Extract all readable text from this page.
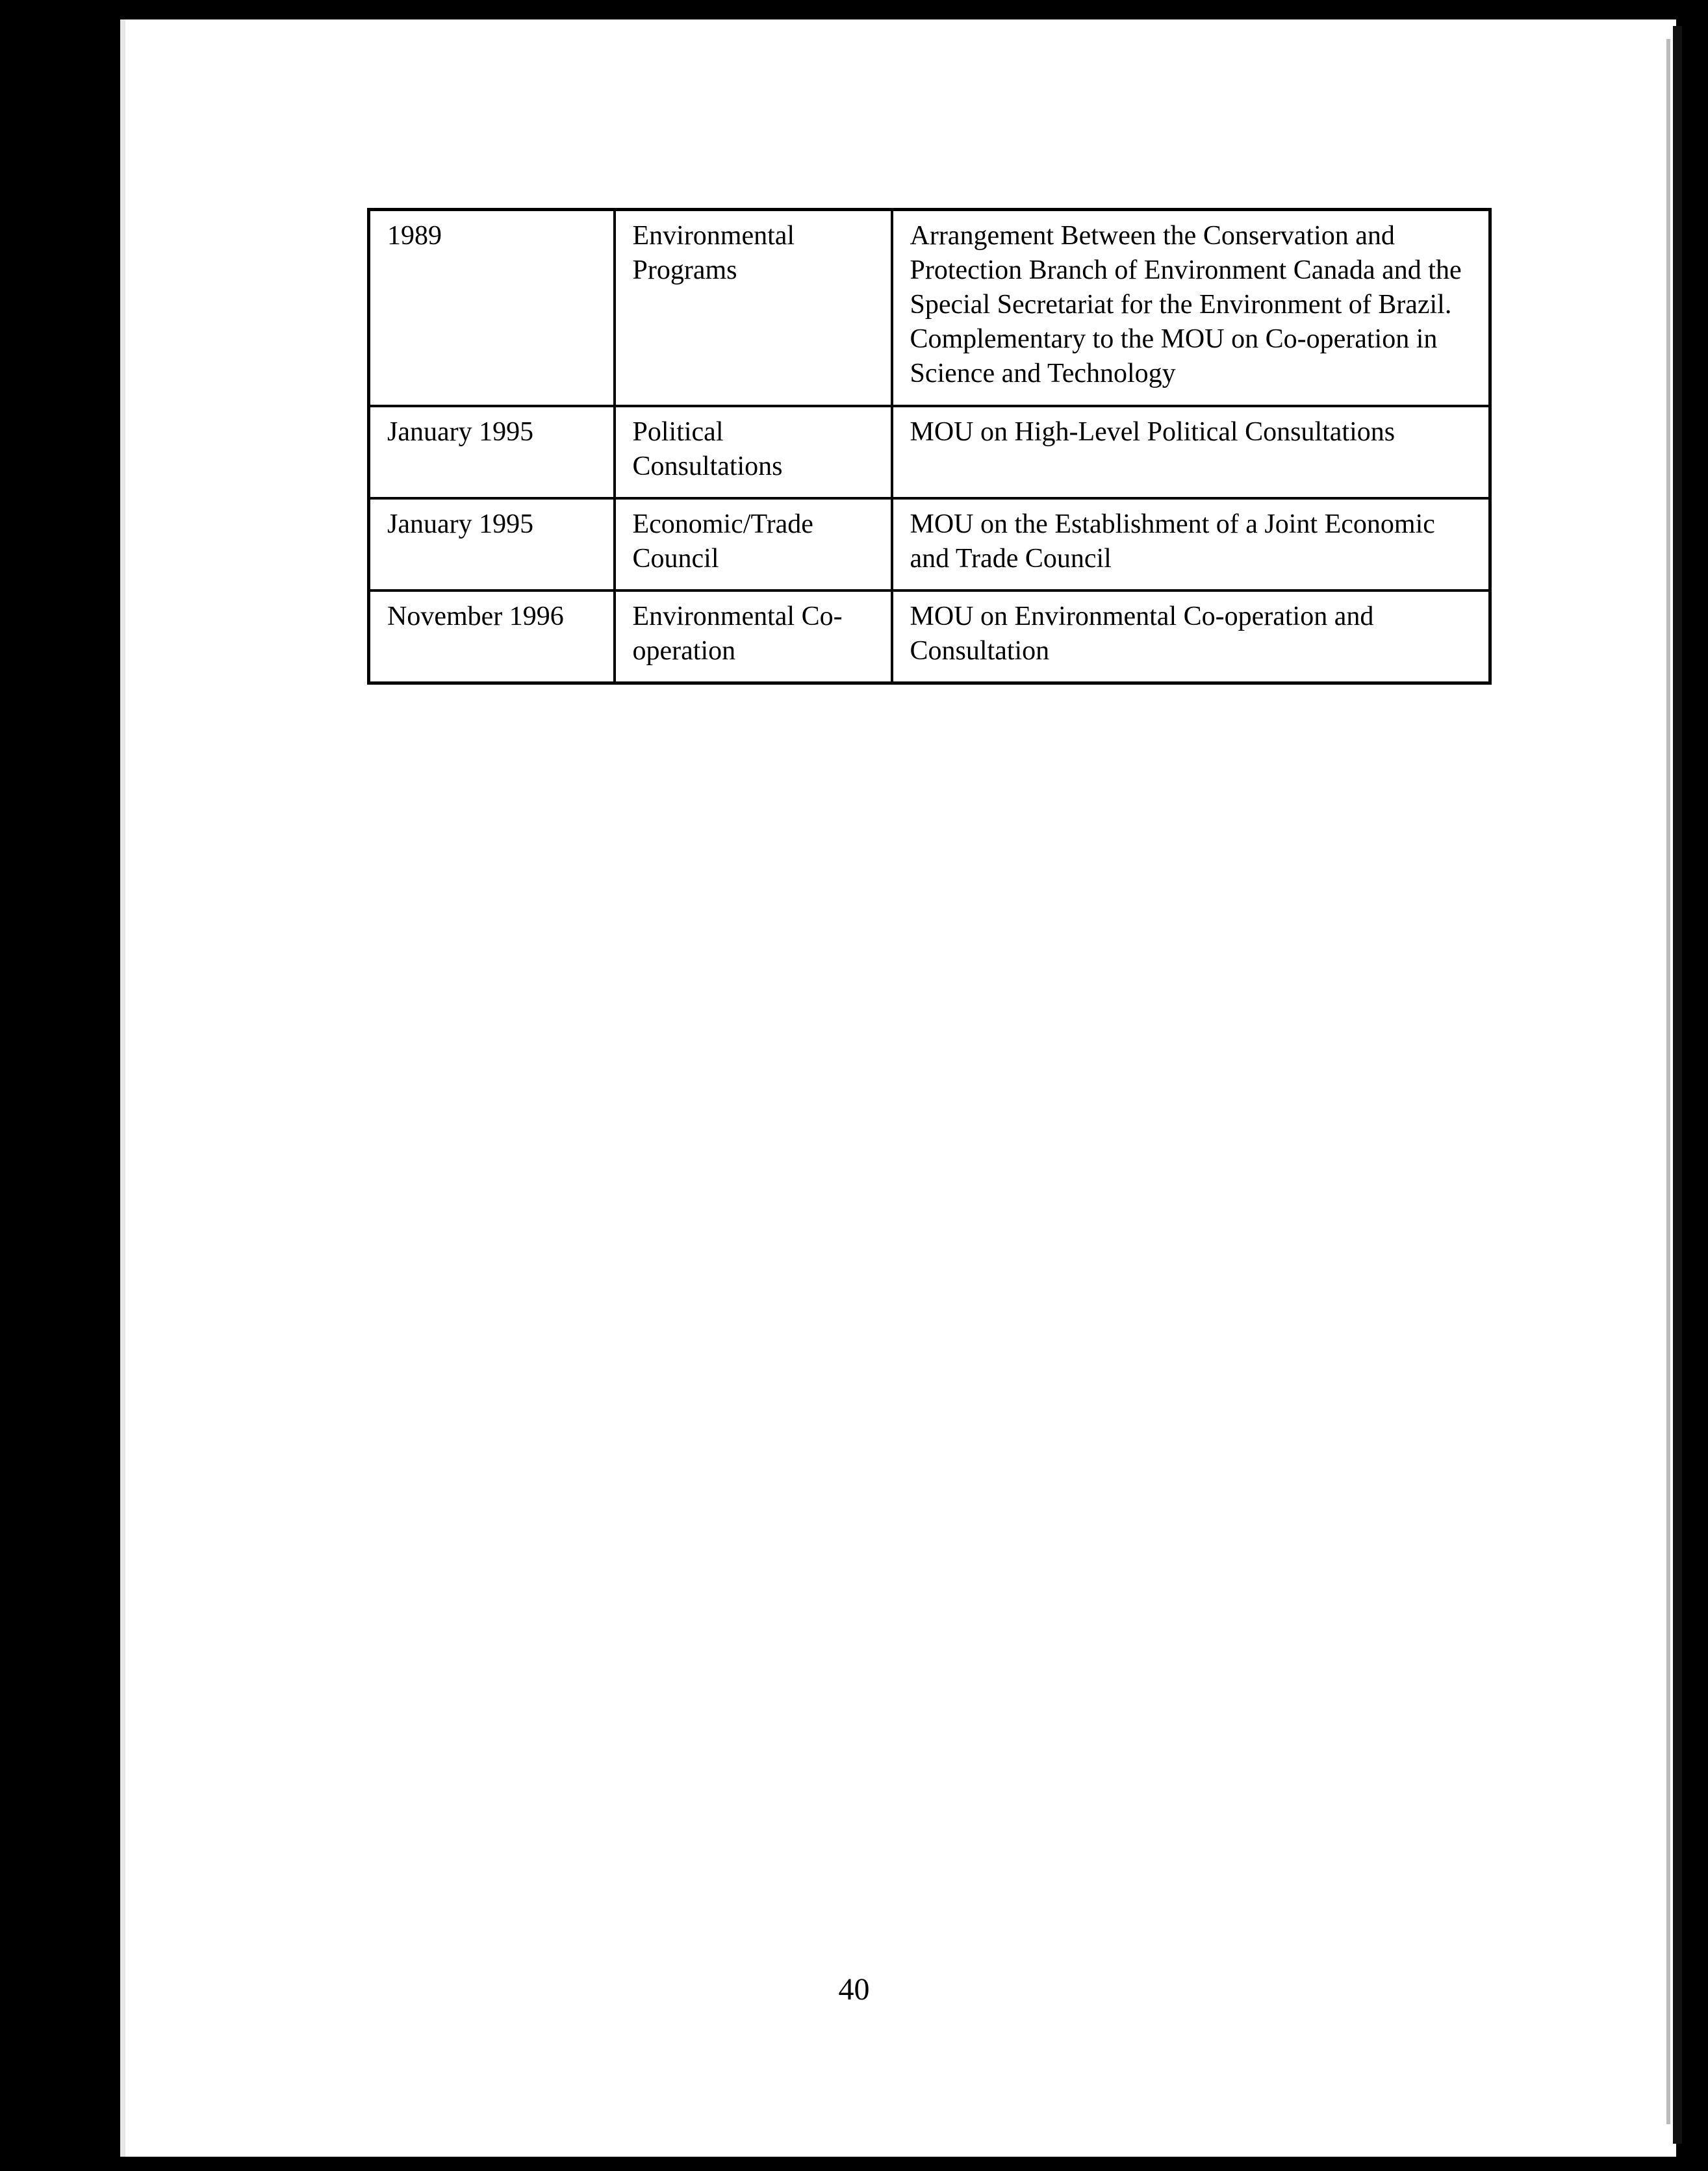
1989	Environmental Programs	Arrangement Between the Conservation and Protection Branch of Environment Canada and the Special Secretariat for the Environment of Brazil. Complementary to the MOU on Co-operation in Science and Technology
January 1995	Political Consultations	MOU on High-Level Political Consultations
January 1995	Economic/Trade Council	MOU on the Establishment of a Joint Economic and Trade Council
November 1996	Environmental Co-operation	MOU on Environmental Co-operation and Consultation
40
